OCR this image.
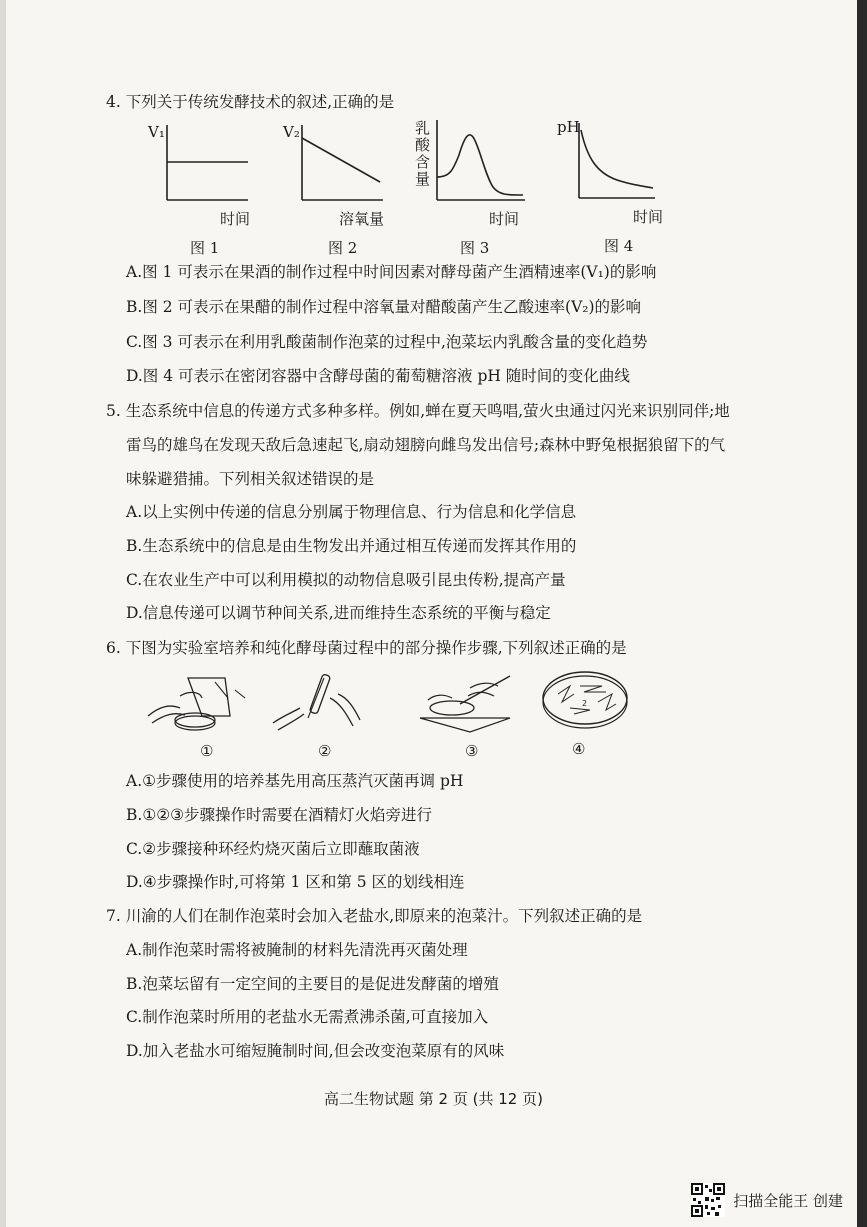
4. 下列关于传统发酵技术的叙述,正确的是
V₁
时间
图 1
V₂
溶氧量
图 2
乳酸含量
时间
图 3
pH
时间
图 4
A.图 1 可表示在果酒的制作过程中时间因素对酵母菌产生酒精速率(V₁)的影响
B.图 2 可表示在果醋的制作过程中溶氧量对醋酸菌产生乙酸速率(V₂)的影响
C.图 3 可表示在利用乳酸菌制作泡菜的过程中,泡菜坛内乳酸含量的变化趋势
D.图 4 可表示在密闭容器中含酵母菌的葡萄糖溶液 pH 随时间的变化曲线
5. 生态系统中信息的传递方式多种多样。例如,蝉在夏天鸣唱,萤火虫通过闪光来识别同伴;地
雷鸟的雄鸟在发现天敌后急速起飞,扇动翅膀向雌鸟发出信号;森林中野兔根据狼留下的气
味躲避猎捕。下列相关叙述错误的是
A.以上实例中传递的信息分别属于物理信息、行为信息和化学信息
B.生态系统中的信息是由生物发出并通过相互传递而发挥其作用的
C.在农业生产中可以利用模拟的动物信息吸引昆虫传粉,提高产量
D.信息传递可以调节种间关系,进而维持生态系统的平衡与稳定
6. 下图为实验室培养和纯化酵母菌过程中的部分操作步骤,下列叙述正确的是
①	②	③
2
④
A.①步骤使用的培养基先用高压蒸汽灭菌再调 pH
B.①②③步骤操作时需要在酒精灯火焰旁进行
C.②步骤接种环经灼烧灭菌后立即蘸取菌液
D.④步骤操作时,可将第 1 区和第 5 区的划线相连
7. 川渝的人们在制作泡菜时会加入老盐水,即原来的泡菜汁。下列叙述正确的是
A.制作泡菜时需将被腌制的材料先清洗再灭菌处理
B.泡菜坛留有一定空间的主要目的是促进发酵菌的增殖
C.制作泡菜时所用的老盐水无需煮沸杀菌,可直接加入
D.加入老盐水可缩短腌制时间,但会改变泡菜原有的风味
高二生物试题 第 2 页 (共 12 页)
扫描全能王 创建
